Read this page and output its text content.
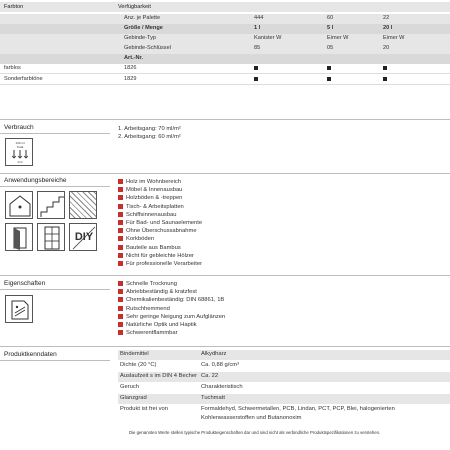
Farbton	Verfügbarkeit
Anz. je Palette	444	60	22
Größe / Menge	1 l	5 l	20 l
Gebinde-Typ	Kanister W	Eimer W	Eimer W
Gebinde-Schlüssel	85	05	20
Art.-Nr.
farblos	1826
Sonderfarbtöne	1829
Verbrauch
130 ml
Total
1m²
1. Arbeitsgang: 70 ml/m²
2. Arbeitsgang: 60 ml/m²
Anwendungsbereiche
DIY
Holz im Wohnbereich
Möbel & Innenausbau
Holzböden & -treppen
Tisch- & Arbeitsplatten
Schiffsinnenausbau
Für Bad- und Saunaelemente
Ohne Überschussabnahme
Korkböden
Bauteile aus Bambus
Nicht für gebleichte Hölzer
Für professionelle Verarbeiter
Eigenschaften	Schnelle Trocknung
Abriebbeständig & kratzfest
Chemikalienbeständig: DIN 68861, 1B
Rutschhemmend
Sehr geringe Neigung zum Aufglänzen
Natürliche Optik und Haptik
Schwerentflammbar
Produktkenndaten	Bindemittel	Alkydharz
Dichte (20 °C)	Ca. 0,88 g/cm³
Auslaufzeit s im DIN 4 Becher Ca. 22
Geruch	Charakteristisch
Glanzgrad	Tuchmatt
Produkt ist frei von	Formaldehyd, Schwermetallen, PCB, Lindan, PCT, PCP, Blei, halogenierten
Kohlenwasserstoffen und Butanonoxim
Die genannten Werte stellen typische Produkteigenschaften dar und sind nicht als verbindliche Produktspezifikationen zu verstehen.
